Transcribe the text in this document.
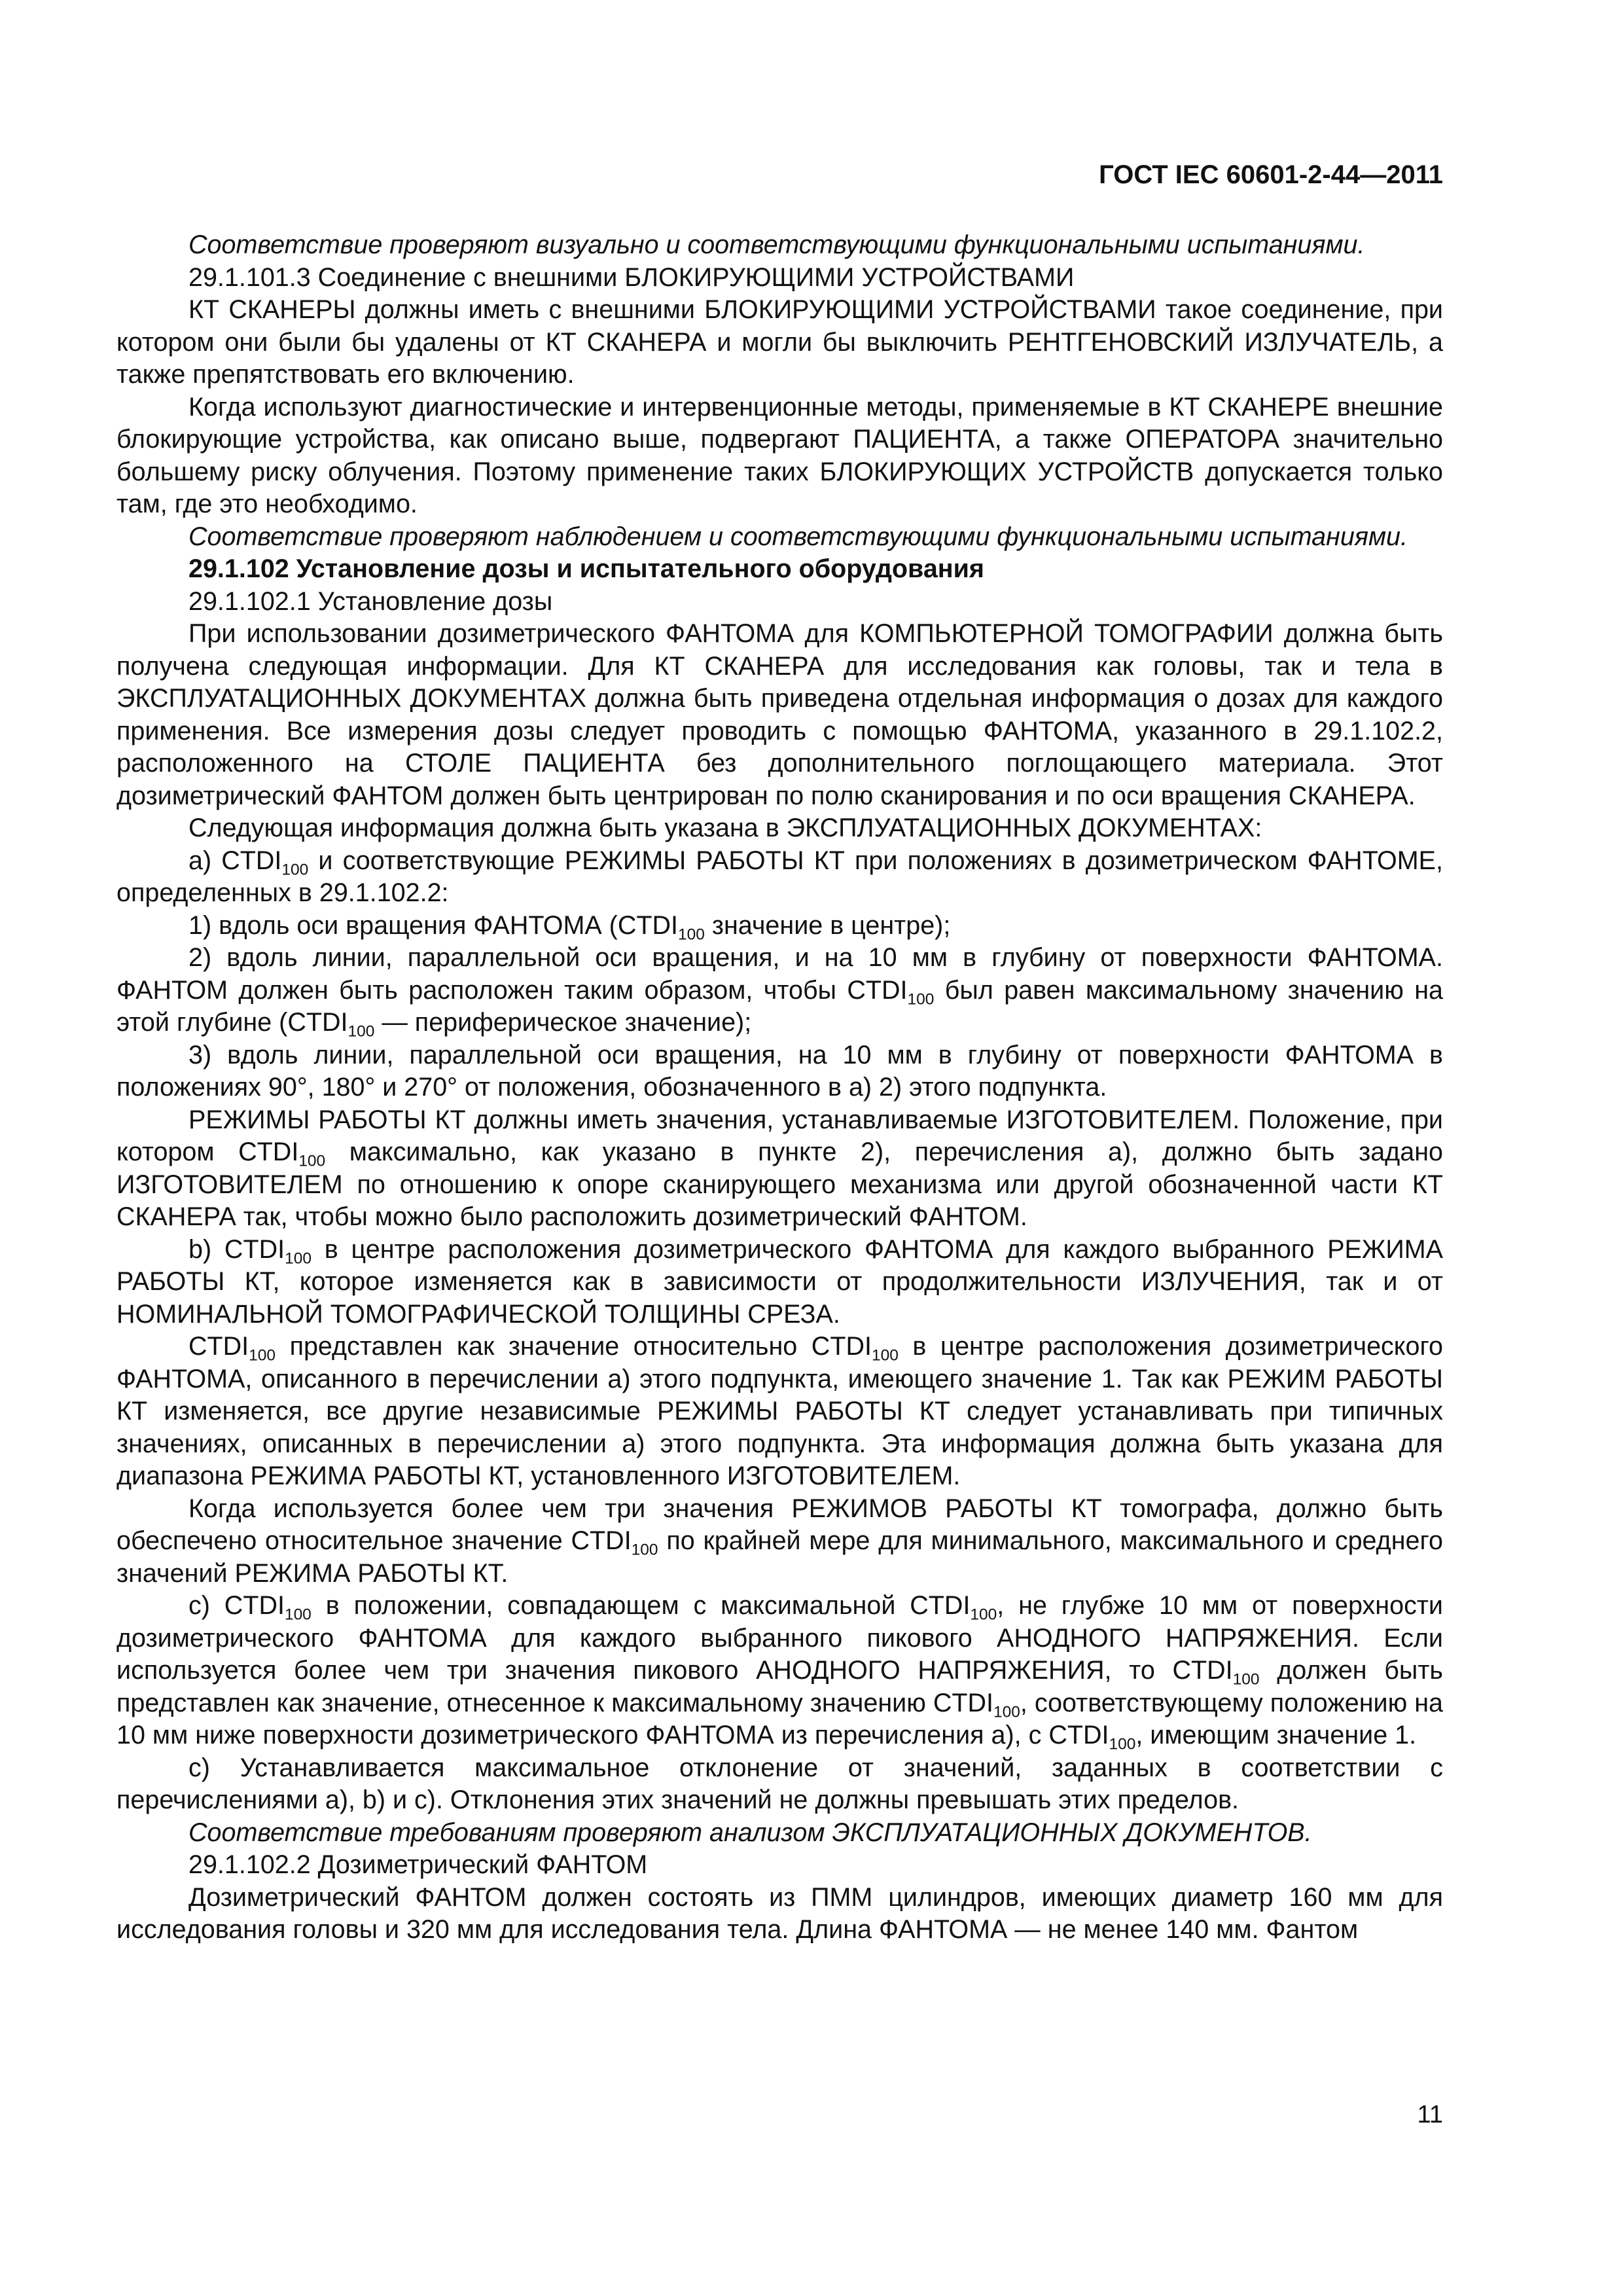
ГОСТ IEC 60601-2-44—2011

Соответствие проверяют визуально и соответствующими функциональными испытаниями.

29.1.101.3 Соединение с внешними БЛОКИРУЮЩИМИ УСТРОЙСТВАМИ

КТ СКАНЕРЫ должны иметь с внешними БЛОКИРУЮЩИМИ УСТРОЙСТВАМИ такое соединение, при котором они были бы удалены от КТ СКАНЕРА и могли бы выключить РЕНТГЕНОВСКИЙ ИЗЛУЧАТЕЛЬ, а также препятствовать его включению.

Когда используют диагностические и интервенционные методы, применяемые в КТ СКАНЕРЕ внешние блокирующие устройства, как описано выше, подвергают ПАЦИЕНТА, а также ОПЕРАТОРА значительно большему риску облучения. Поэтому применение таких БЛОКИРУЮЩИХ УСТРОЙСТВ допускается только там, где это необходимо.

Соответствие проверяют наблюдением и соответствующими функциональными испытаниями.

29.1.102 Установление дозы и испытательного оборудования

29.1.102.1 Установление дозы

При использовании дозиметрического ФАНТОМА для КОМПЬЮТЕРНОЙ ТОМОГРАФИИ должна быть получена следующая информации. Для КТ СКАНЕРА для исследования как головы, так и тела в ЭКСПЛУАТАЦИОННЫХ ДОКУМЕНТАХ должна быть приведена отдельная информация о дозах для каждого применения. Все измерения дозы следует проводить с помощью ФАНТОМА, указанного в 29.1.102.2, расположенного на СТОЛЕ ПАЦИЕНТА без дополнительного поглощающего материала. Этот дозиметрический ФАНТОМ должен быть центрирован по полю сканирования и по оси вращения СКАНЕРА.

Следующая информация должна быть указана в ЭКСПЛУАТАЦИОННЫХ ДОКУМЕНТАХ:

a) $CTDI_{100}$ и соответствующие РЕЖИМЫ РАБОТЫ КТ при положениях в дозиметрическом ФАНТОМЕ, определенных в 29.1.102.2:

1) вдоль оси вращения ФАНТОМА ($CTDI_{100}$ значение в центре);

2) вдоль линии, параллельной оси вращения, и на 10 мм в глубину от поверхности ФАНТОМА. ФАНТОМ должен быть расположен таким образом, чтобы $CTDI_{100}$ был равен максимальному значению на этой глубине ($CTDI_{100}$ — периферическое значение);

3) вдоль линии, параллельной оси вращения, на 10 мм в глубину от поверхности ФАНТОМА в положениях 90°, 180° и 270° от положения, обозначенного в a) 2) этого подпункта.

РЕЖИМЫ РАБОТЫ КТ должны иметь значения, устанавливаемые ИЗГОТОВИТЕЛЕМ. Положение, при котором $CTDI_{100}$ максимально, как указано в пункте 2), перечисления a), должно быть задано ИЗГОТОВИТЕЛЕМ по отношению к опоре сканирующего механизма или другой обозначенной части КТ СКАНЕРА так, чтобы можно было расположить дозиметрический ФАНТОМ.

b) $CTDI_{100}$ в центре расположения дозиметрического ФАНТОМА для каждого выбранного РЕЖИМА РАБОТЫ КТ, которое изменяется как в зависимости от продолжительности ИЗЛУЧЕНИЯ, так и от НОМИНАЛЬНОЙ ТОМОГРАФИЧЕСКОЙ ТОЛЩИНЫ СРЕЗА.

$CTDI_{100}$ представлен как значение относительно $CTDI_{100}$ в центре расположения дозиметрического ФАНТОМА, описанного в перечислении a) этого подпункта, имеющего значение 1. Так как РЕЖИМ РАБОТЫ КТ изменяется, все другие независимые РЕЖИМЫ РАБОТЫ КТ следует устанавливать при типичных значениях, описанных в перечислении a) этого подпункта. Эта информация должна быть указана для диапазона РЕЖИМА РАБОТЫ КТ, установленного ИЗГОТОВИТЕЛЕМ.

Когда используется более чем три значения РЕЖИМОВ РАБОТЫ КТ томографа, должно быть обеспечено относительное значение $CTDI_{100}$ по крайней мере для минимального, максимального и среднего значений РЕЖИМА РАБОТЫ КТ.

c) $CTDI_{100}$ в положении, совпадающем с максимальной $CTDI_{100}$, не глубже 10 мм от поверхности дозиметрического ФАНТОМА для каждого выбранного пикового АНОДНОГО НАПРЯЖЕНИЯ. Если используется более чем три значения пикового АНОДНОГО НАПРЯЖЕНИЯ, то $CTDI_{100}$ должен быть представлен как значение, отнесенное к максимальному значению $CTDI_{100}$, соответствующему положению на 10 мм ниже поверхности дозиметрического ФАНТОМА из перечисления a), с $CTDI_{100}$, имеющим значение 1.

c) Устанавливается максимальное отклонение от значений, заданных в соответствии с перечислениями a), b) и c). Отклонения этих значений не должны превышать этих пределов.

Соответствие требованиям проверяют анализом ЭКСПЛУАТАЦИОННЫХ ДОКУМЕНТОВ.

29.1.102.2 Дозиметрический ФАНТОМ

Дозиметрический ФАНТОМ должен состоять из ПММ цилиндров, имеющих диаметр 160 мм для исследования головы и 320 мм для исследования тела. Длина ФАНТОМА — не менее 140 мм. Фантом

11
